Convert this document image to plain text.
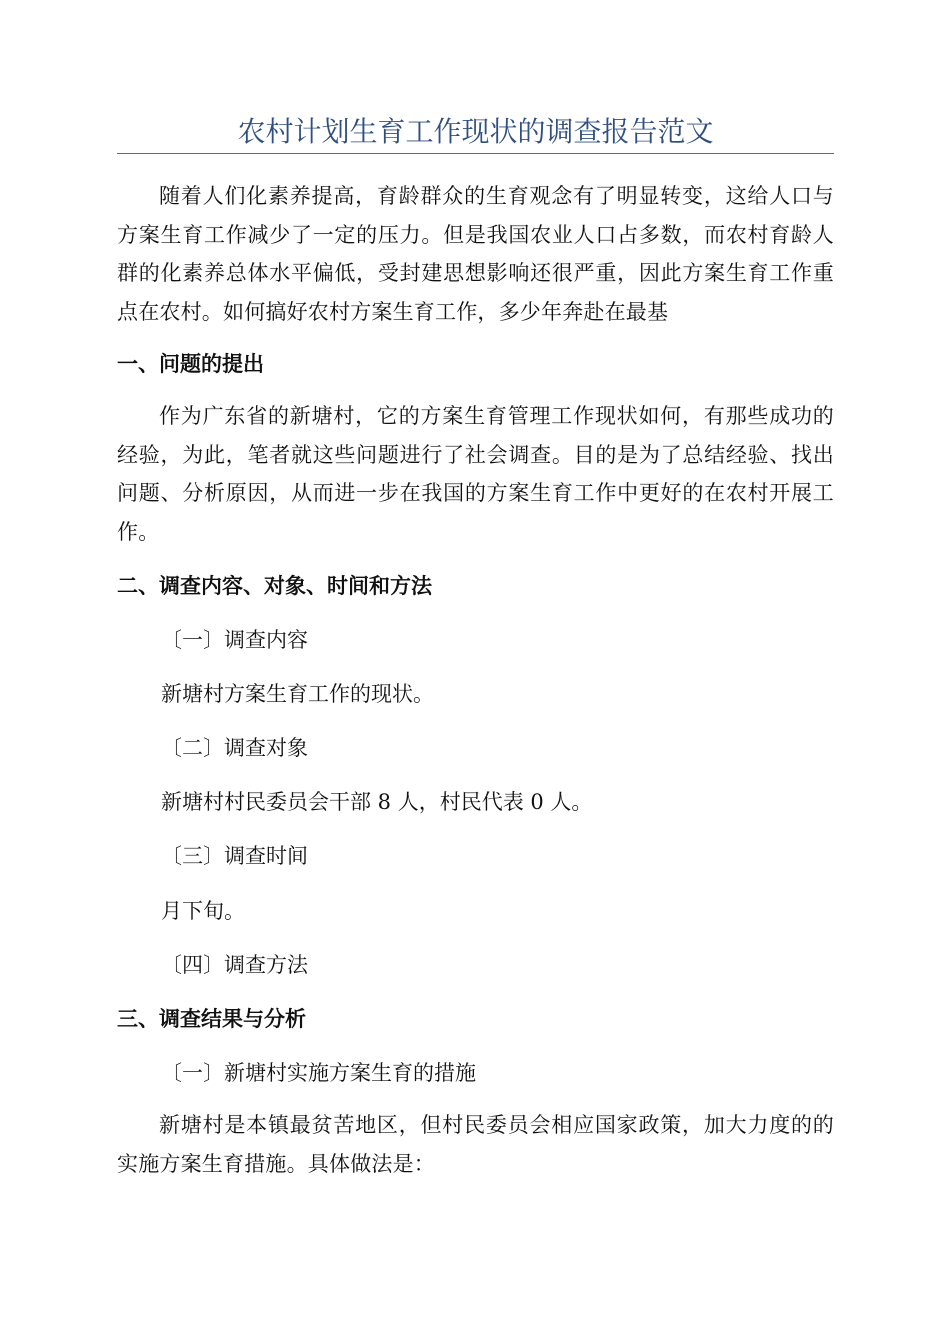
农村计划生育工作现状的调查报告范文

随着人们化素养提高，育龄群众的生育观念有了明显转变，这给人口与方案生育工作减少了一定的压力。但是我国农业人口占多数，而农村育龄人群的化素养总体水平偏低，受封建思想影响还很严重，因此方案生育工作重点在农村。如何搞好农村方案生育工作，多少年奔赴在最基

一、问题的提出

作为广东省的新塘村，它的方案生育管理工作现状如何，有那些成功的经验，为此，笔者就这些问题进行了社会调查。目的是为了总结经验、找出问题、分析原因，从而进一步在我国的方案生育工作中更好的在农村开展工作。

二、调查内容、对象、时间和方法

〔一〕调查内容

新塘村方案生育工作的现状。

〔二〕调查对象

新塘村村民委员会干部 8 人，村民代表 0 人。

〔三〕调查时间

月下旬。

〔四〕调查方法

三、调查结果与分析

〔一〕新塘村实施方案生育的措施

新塘村是本镇最贫苦地区，但村民委员会相应国家政策，加大力度的的实施方案生育措施。具体做法是：
